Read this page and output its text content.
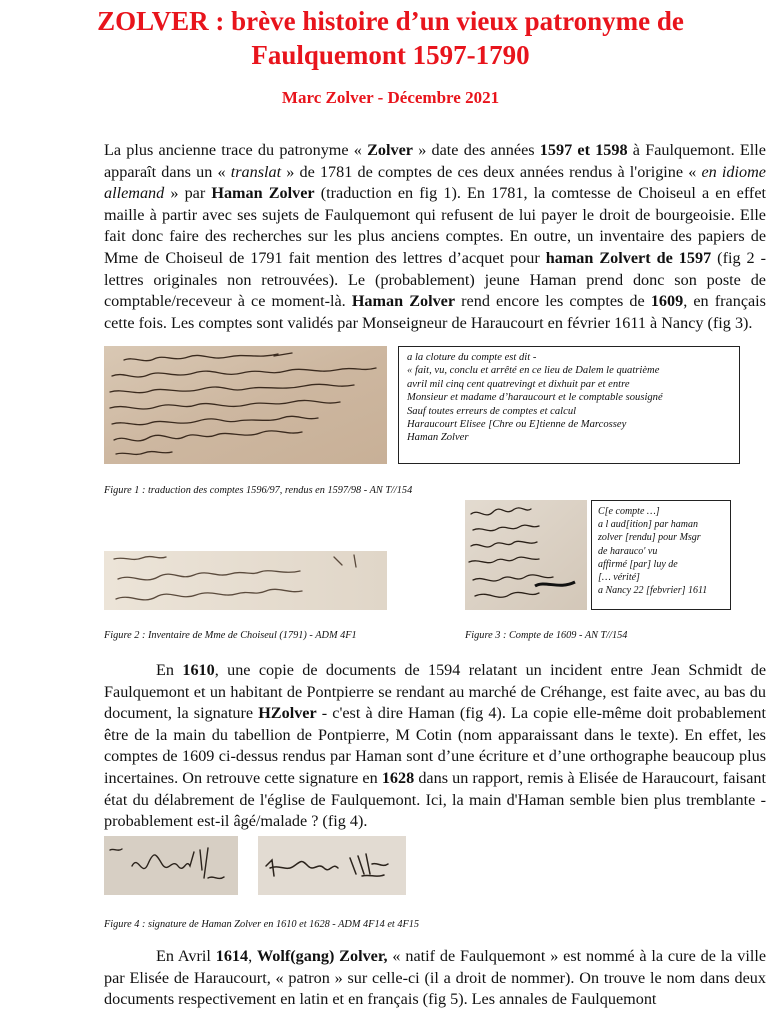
ZOLVER : brève histoire d’un vieux patronyme de
Faulquemont 1597-1790

Marc Zolver - Décembre 2021

La plus ancienne trace du patronyme « Zolver » date des années 1597 et 1598 à Faulquemont. Elle apparaît dans un « translat » de 1781 de comptes de ces deux années rendus à l'origine « en idiome allemand » par Haman Zolver (traduction en fig 1). En 1781, la comtesse de Choiseul a en effet maille à partir avec ses sujets de Faulquemont qui refusent de lui payer le droit de bourgeoisie. Elle fait donc faire des recherches sur les plus anciens comptes. En outre, un inventaire des papiers de Mme de Choiseul de 1791 fait mention des lettres d’acquet pour haman Zolvert de 1597 (fig 2 - lettres originales non retrouvées). Le (probablement) jeune Haman prend donc son poste de comptable/receveur à ce moment-là. Haman Zolver rend encore les comptes de 1609, en français cette fois. Les comptes sont validés par Monseigneur de Haraucourt en février 1611 à Nancy (fig 3).

a la cloture du compte est dit -
« fait, vu, conclu et arrêté en ce lieu de Dalem le quatrième
avril mil cinq cent quatrevingt et dixhuit par et entre
Monsieur et madame d’haraucourt et le comptable sousigné
Sauf toutes erreurs de comptes et calcul
Haraucourt Elisee [Chre ou E]tienne de Marcossey
Haman Zolver

Figure 1 : traduction des comptes 1596/97, rendus en 1597/98 - AN T//154

C[e compte …]
a l aud[ition] par haman
zolver [rendu] pour Msgr
de harauco' vu
affirmé [par] luy de
[… vérité]
a Nancy 22 [febvrier] 1611

Figure 2 : Inventaire de Mme de Choiseul (1791) - ADM 4F1	Figure 3 : Compte de 1609 - AN T//154

En 1610, une copie de documents de 1594 relatant un incident entre Jean Schmidt de Faulquemont et un habitant de Pontpierre se rendant au marché de Créhange, est faite avec, au bas du document, la signature HZolver - c'est à dire Haman (fig 4). La copie elle-même doit probablement être de la main du tabellion de Pontpierre, M Cotin (nom apparaissant dans le texte). En effet, les comptes de 1609 ci-dessus rendus par Haman sont d’une écriture et d’une orthographe beaucoup plus incertaines. On retrouve cette signature en 1628 dans un rapport, remis à Elisée de Haraucourt, faisant état du délabrement de l'église de Faulquemont. Ici, la main d'Haman semble bien plus tremblante - probablement est-il âgé/malade ? (fig 4).

Figure 4 : signature de Haman Zolver en 1610 et 1628 - ADM 4F14 et 4F15

En Avril 1614, Wolf(gang) Zolver, « natif de Faulquemont » est nommé à la cure de la ville par Elisée de Haraucourt, « patron » sur celle-ci (il a droit de nommer). On trouve le nom dans deux documents respectivement en latin et en français (fig 5). Les annales de Faulquemont
